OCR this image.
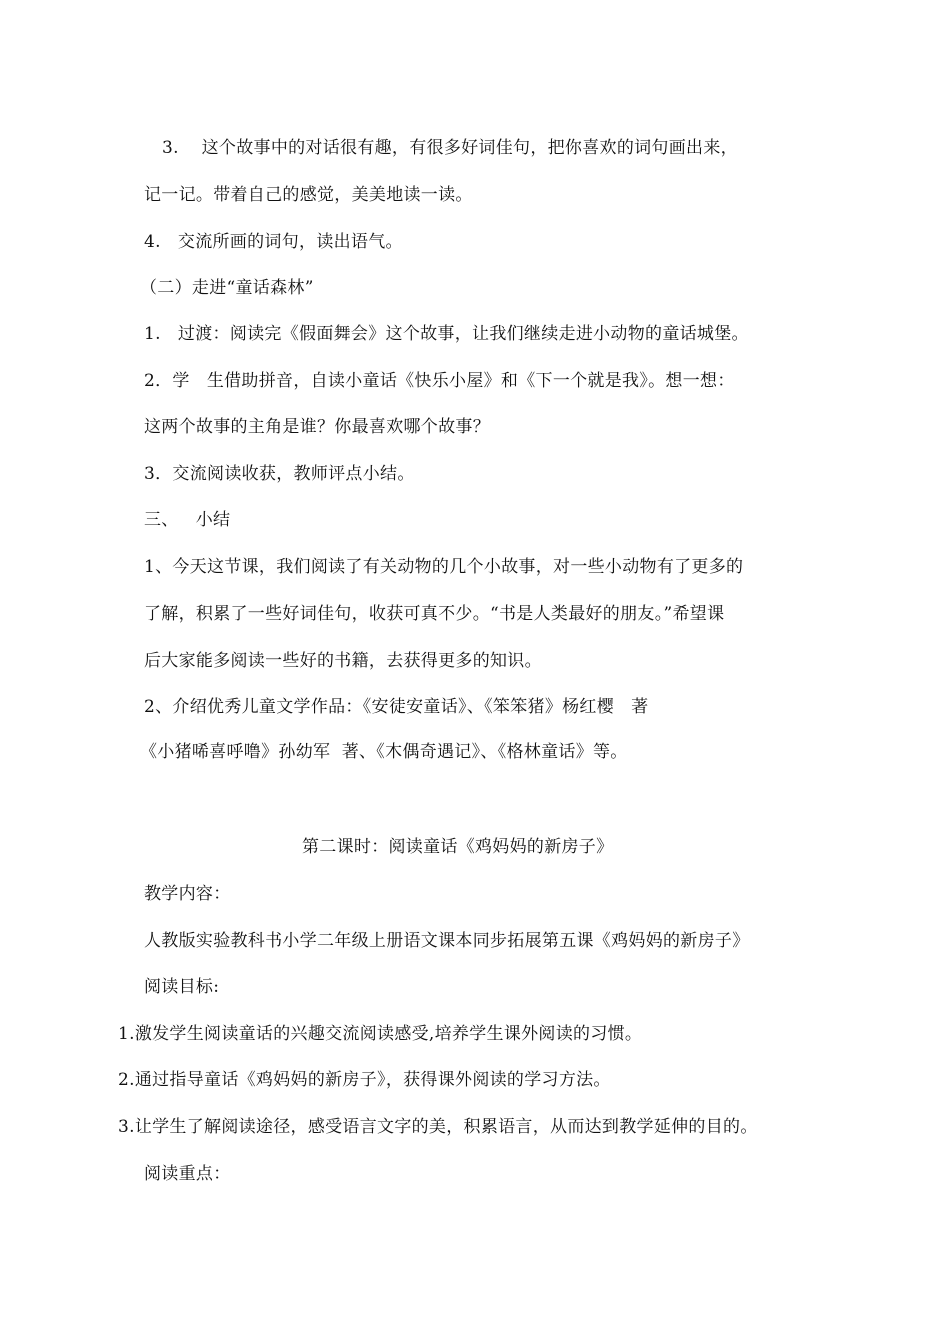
3.    这个故事中的对话很有趣，有很多好词佳句，把你喜欢的词句画出来，
记一记。带着自己的感觉，美美地读一读。
4.   交流所画的词句，读出语气。
（二）走进“童话森林”
1.   过渡：阅读完《假面舞会》这个故事，让我们继续走进小动物的童话城堡。
2．学   生借助拼音，自读小童话《快乐小屋》和《下一个就是我》。想一想：
这两个故事的主角是谁？你最喜欢哪个故事？
3．交流阅读收获，教师评点小结。
三、   小结
1、今天这节课，我们阅读了有关动物的几个小故事，对一些小动物有了更多的
了解，积累了一些好词佳句，收获可真不少。“书是人类最好的朋友。”希望课
后大家能多阅读一些好的书籍，去获得更多的知识。
2、介绍优秀儿童文学作品：《安徒安童话》、《笨笨猪》杨红樱   著
《小猪唏喜呼噜》孙幼军  著、《木偶奇遇记》、《格林童话》等。
第二课时：阅读童话《鸡妈妈的新房子》
教学内容：
人教版实验教科书小学二年级上册语文课本同步拓展第五课《鸡妈妈的新房子》
阅读目标:
1.激发学生阅读童话的兴趣交流阅读感受,培养学生课外阅读的习惯。
2.通过指导童话《鸡妈妈的新房子》，获得课外阅读的学习方法。
3.让学生了解阅读途径，感受语言文字的美，积累语言，从而达到教学延伸的目的。
阅读重点：
